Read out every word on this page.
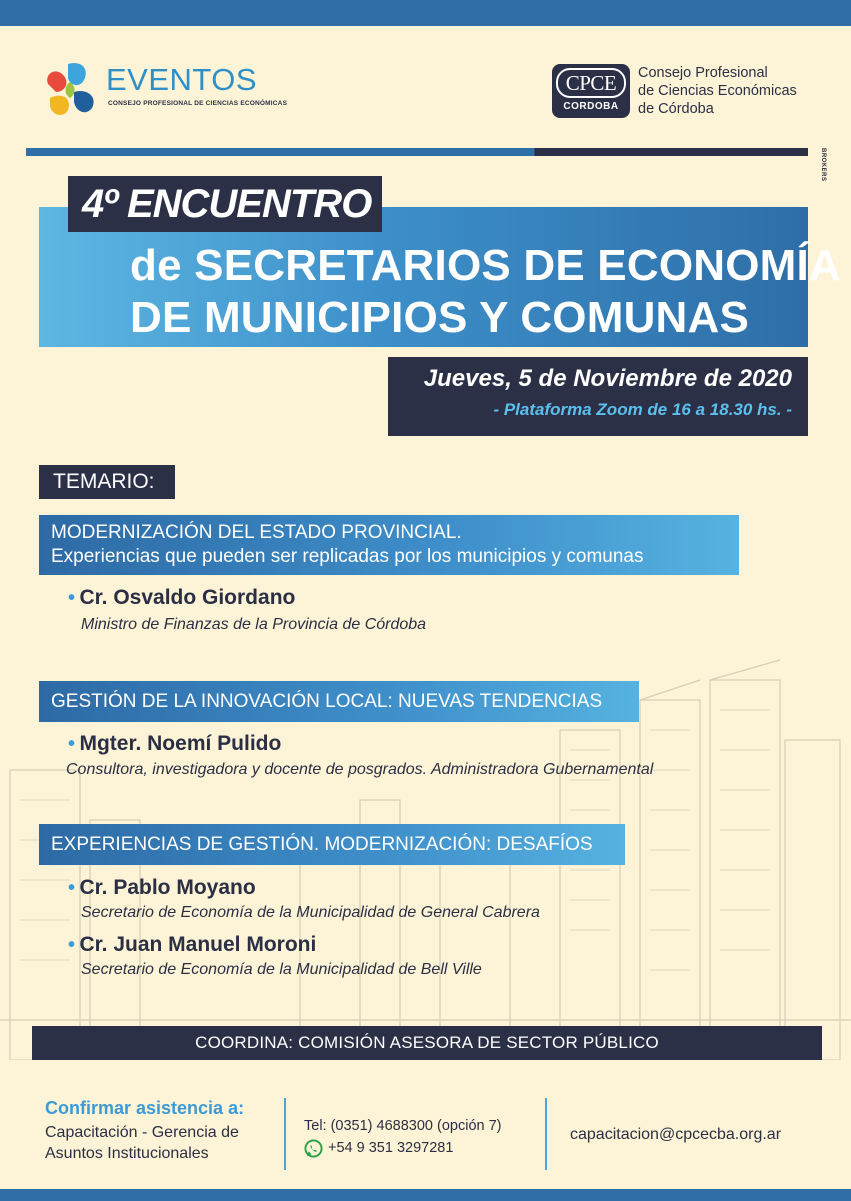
EVENTOS
CONSEJO PROFESIONAL DE CIENCIAS ECONÓMICAS
CPCE
CORDOBA
Consejo Profesional
de Ciencias Económicas
de Córdoba
BROKERS
4º ENCUENTRO
de SECRETARIOS DE ECONOMÍA
DE MUNICIPIOS Y COMUNAS
Jueves, 5 de Noviembre de 2020
- Plataforma Zoom de 16 a 18.30 hs. -
TEMARIO:
MODERNIZACIÓN DEL ESTADO PROVINCIAL.
Experiencias que pueden ser replicadas por los municipios y comunas
• Cr. Osvaldo Giordano
Ministro de Finanzas de la Provincia de Córdoba
GESTIÓN DE LA INNOVACIÓN LOCAL: NUEVAS TENDENCIAS
• Mgter. Noemí Pulido
Consultora, investigadora y docente de posgrados. Administradora Gubernamental
EXPERIENCIAS DE GESTIÓN. MODERNIZACIÓN: DESAFÍOS
• Cr. Pablo Moyano
Secretario de Economía de la Municipalidad de General Cabrera
• Cr. Juan Manuel Moroni
Secretario de Economía de la Municipalidad de Bell Ville
COORDINA: COMISIÓN ASESORA DE SECTOR PÚBLICO
Confirmar asistencia a:
Capacitación - Gerencia de
Asuntos Institucionales
Tel: (0351) 4688300 (opción 7)
+54 9 351 3297281
capacitacion@cpcecba.org.ar
